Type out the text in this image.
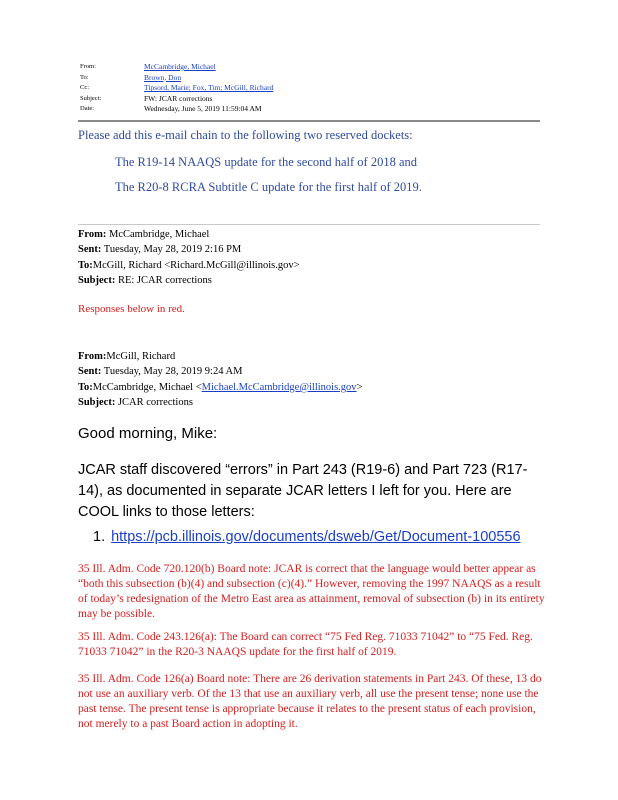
From:	McCambridge, Michael
To:	Brown, Don
Cc:	Tipsord, Marie; Fox, Tim; McGill, Richard
Subject:	FW: JCAR corrections
Date:	Wednesday, June 5, 2019 11:59:04 AM
Please add this e-mail chain to the following two reserved dockets:
The R19-14 NAAQS update for the second half of 2018 and
The R20-8 RCRA Subtitle C update for the first half of 2019.
From: McCambridge, Michael
Sent: Tuesday, May 28, 2019 2:16 PM
To:McGill, Richard <Richard.McGill@illinois.gov>
Subject: RE: JCAR corrections
Responses below in red.
From:McGill, Richard
Sent: Tuesday, May 28, 2019 9:24 AM
To:McCambridge, Michael <Michael.McCambridge@illinois.gov>
Subject: JCAR corrections
Good morning, Mike:
JCAR staff discovered “errors” in Part 243 (R19-6) and Part 723 (R17-14), as documented in separate JCAR letters I left for you. Here are COOL links to those letters:
1. https://pcb.illinois.gov/documents/dsweb/Get/Document-100556
35 Ill. Adm. Code 720.120(b) Board note: JCAR is correct that the language would better appear as “both this subsection (b)(4) and subsection (c)(4).” However, removing the 1997 NAAQS as a result of today’s redesignation of the Metro East area as attainment, removal of subsection (b) in its entirety may be possible.
35 Ill. Adm. Code 243.126(a): The Board can correct “75 Fed Reg. 71033 71042” to “75 Fed. Reg. 71033 71042” in the R20-3 NAAQS update for the first half of 2019.
35 Ill. Adm. Code 126(a) Board note: There are 26 derivation statements in Part 243. Of these, 13 do not use an auxiliary verb. Of the 13 that use an auxiliary verb, all use the present tense; none use the past tense. The present tense is appropriate because it relates to the present status of each provision, not merely to a past Board action in adopting it.
